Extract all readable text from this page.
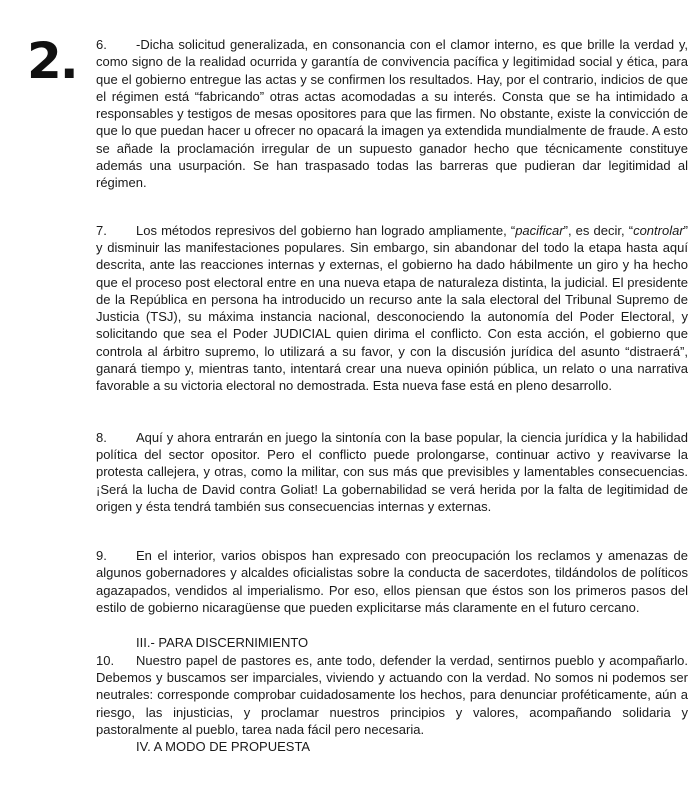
2. 6. -Dicha solicitud generalizada, en consonancia con el clamor interno, es que brille la verdad y, como signo de la realidad ocurrida y garantía de convivencia pacífica y legitimidad social y ética, para que el gobierno entregue las actas y se confirmen los resultados. Hay, por el contrario, indicios de que el régimen está “fabricando” otras actas acomodadas a su interés. Consta que se ha intimidado a responsables y testigos de mesas opositores para que las firmen. No obstante, existe la convicción de que lo que puedan hacer u ofrecer no opacará la imagen ya extendida mundialmente de fraude. A esto se añade la proclamación irregular de un supuesto ganador hecho que técnicamente constituye además una usurpación. Se han traspasado todas las barreras que pudieran dar legitimidad al régimen.

7. Los métodos represivos del gobierno han logrado ampliamente, “pacificar”, es decir, “controlar” y disminuir las manifestaciones populares. Sin embargo, sin abandonar del todo la etapa hasta aquí descrita, ante las reacciones internas y externas, el gobierno ha dado hábilmente un giro y ha hecho que el proceso post electoral entre en una nueva etapa de naturaleza distinta, la judicial. El presidente de la República en persona ha introducido un recurso ante la sala electoral del Tribunal Supremo de Justicia (TSJ), su máxima instancia nacional, desconociendo la autonomía del Poder Electoral, y solicitando que sea el Poder JUDICIAL quien dirima el conflicto. Con esta acción, el gobierno que controla al árbitro supremo, lo utilizará a su favor, y con la discusión jurídica del asunto “distraerá”, ganará tiempo y, mientras tanto, intentará crear una nueva opinión pública, un relato o una narrativa favorable a su victoria electoral no demostrada. Esta nueva fase está en pleno desarrollo.

8. Aquí y ahora entrarán en juego la sintonía con la base popular, la ciencia jurídica y la habilidad política del sector opositor. Pero el conflicto puede prolongarse, continuar activo y reavivarse la protesta callejera, y otras, como la militar, con sus más que previsibles y lamentables consecuencias. ¡Será la lucha de David contra Goliat! La gobernabilidad se verá herida por la falta de legitimidad de origen y ésta tendrá también sus consecuencias internas y externas.

9. En el interior, varios obispos han expresado con preocupación los reclamos y amenazas de algunos gobernadores y alcaldes oficialistas sobre la conducta de sacerdotes, tildándolos de políticos agazapados, vendidos al imperialismo. Por eso, ellos piensan que éstos son los primeros pasos del estilo de gobierno nicaragüense que pueden explicitarse más claramente en el futuro cercano.

III.- PARA DISCERNIMIENTO

10. Nuestro papel de pastores es, ante todo, defender la verdad, sentirnos pueblo y acompañarlo. Debemos y buscamos ser imparciales, viviendo y actuando con la verdad. No somos ni podemos ser neutrales: corresponde comprobar cuidadosamente los hechos, para denunciar proféticamente, aún a riesgo, las injusticias, y proclamar nuestros principios y valores, acompañando solidaria y pastoralmente al pueblo, tarea nada fácil pero necesaria.

IV. A MODO DE PROPUESTA
